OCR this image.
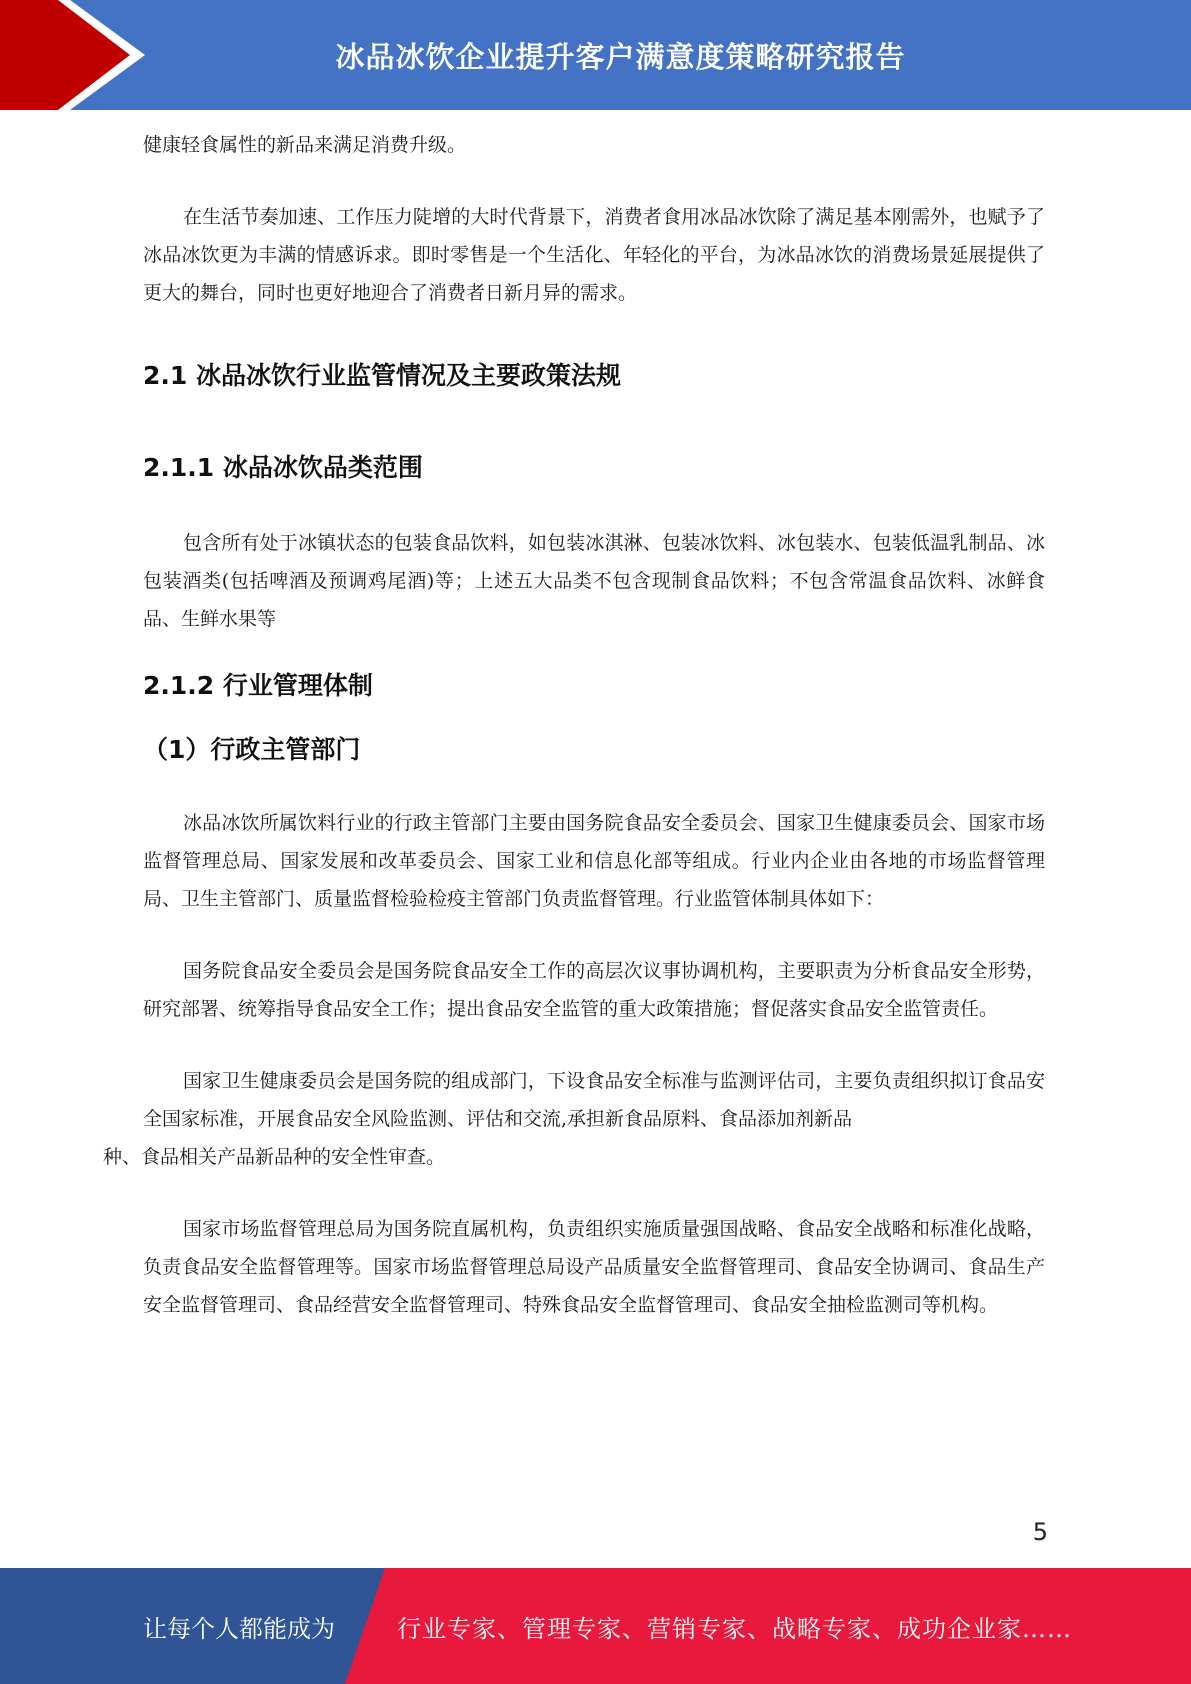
冰品冰饮企业提升客户满意度策略研究报告

健康轻食属性的新品来满足消费升级。

在生活节奏加速、工作压力陡增的大时代背景下，消费者食用冰品冰饮除了满足基本刚需外，也赋予了冰品冰饮更为丰满的情感诉求。即时零售是一个生活化、年轻化的平台，为冰品冰饮的消费场景延展提供了更大的舞台，同时也更好地迎合了消费者日新月异的需求。

2.1 冰品冰饮行业监管情况及主要政策法规
2.1.1 冰品冰饮品类范围

包含所有处于冰镇状态的包装食品饮料，如包装冰淇淋、包装冰饮料、冰包装水、包装低温乳制品、冰包装酒类(包括啤酒及预调鸡尾酒)等；上述五大品类不包含现制食品饮料；不包含常温食品饮料、冰鲜食品、生鲜水果等

2.1.2 行业管理体制
（1）行政主管部门

冰品冰饮所属饮料行业的行政主管部门主要由国务院食品安全委员会、国家卫生健康委员会、国家市场监督管理总局、国家发展和改革委员会、国家工业和信息化部等组成。行业内企业由各地的市场监督管理局、卫生主管部门、质量监督检验检疫主管部门负责监督管理。行业监管体制具体如下：

国务院食品安全委员会是国务院食品安全工作的高层次议事协调机构，主要职责为分析食品安全形势，研究部署、统筹指导食品安全工作；提出食品安全监管的重大政策措施；督促落实食品安全监管责任。

国家卫生健康委员会是国务院的组成部门，下设食品安全标准与监测评估司，主要负责组织拟订食品安全国家标准，开展食品安全风险监测、评估和交流,承担新食品原料、食品添加剂新品
种、食品相关产品新品种的安全性审查。

国家市场监督管理总局为国务院直属机构，负责组织实施质量强国战略、食品安全战略和标准化战略，负责食品安全监督管理等。国家市场监督管理总局设产品质量安全监督管理司、食品安全协调司、食品生产安全监督管理司、食品经营安全监督管理司、特殊食品安全监督管理司、食品安全抽检监测司等机构。

5
让每个人都能成为	行业专家、管理专家、营销专家、战略专家、成功企业家……
